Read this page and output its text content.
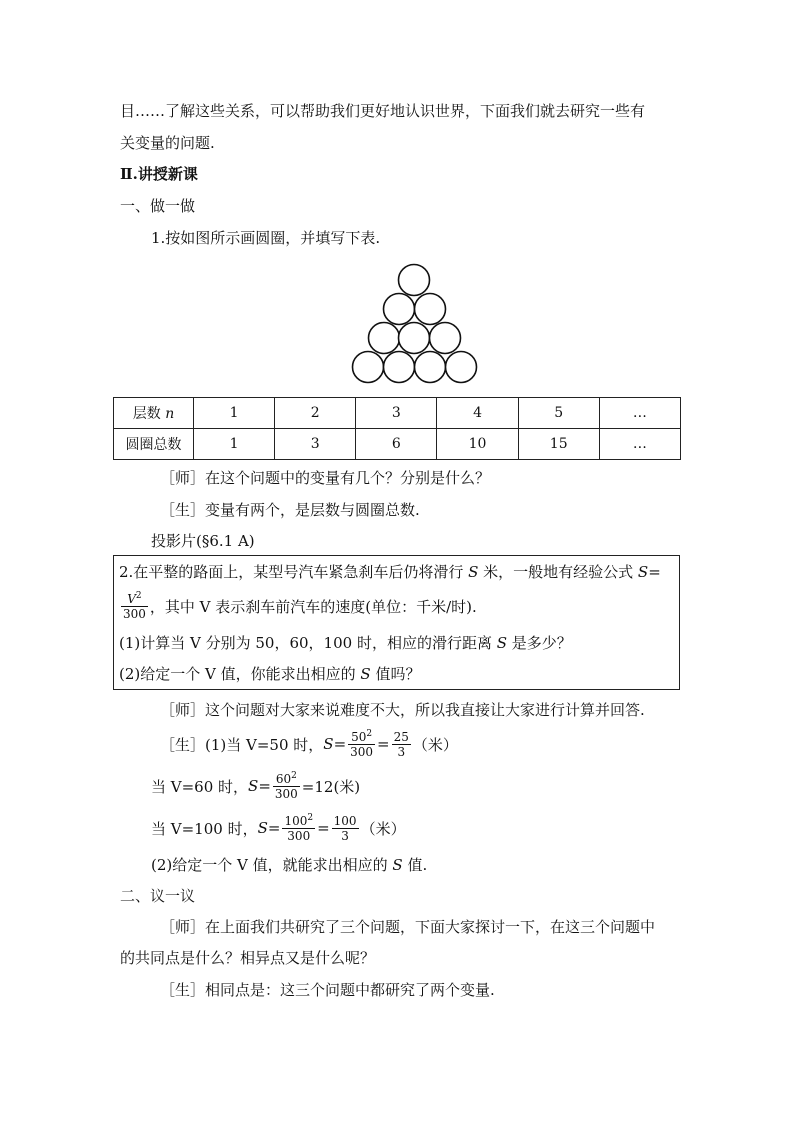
目……了解这些关系，可以帮助我们更好地认识世界，下面我们就去研究一些有
关变量的问题.
Ⅱ.讲授新课
一、做一做
1.按如图所示画圆圈，并填写下表.
层数 n	1	2	3	4	5	…
圆圈总数	1	3	6	10	15	…
［师］在这个问题中的变量有几个？分别是什么？
［生］变量有两个，是层数与圆圈总数.
投影片(§6.1 A)
2.在平整的路面上，某型号汽车紧急刹车后仍将滑行 S 米，一般地有经验公式 S=
$\frac{V^2}{300}$ ，其中 V 表示刹车前汽车的速度(单位：千米/时).
(1)计算当 V 分别为 50，60，100 时，相应的滑行距离 S 是多少？
(2)给定一个 V 值，你能求出相应的 S 值吗？
［师］这个问题对大家来说难度不大，所以我直接让大家进行计算并回答.
［生］(1)当 V=50 时， $S = \frac{50^2}{300} = \frac{25}{3}$ （米）
当 V=60 时， $S = \frac{60^2}{300} =12$(米)
当 V=100 时， $S = \frac{100^2}{300} = \frac{100}{3}$ （米）
(2)给定一个 V 值，就能求出相应的 S 值.
二、议一议
［师］在上面我们共研究了三个问题，下面大家探讨一下，在这三个问题中
的共同点是什么？相异点又是什么呢？
［生］相同点是：这三个问题中都研究了两个变量.
